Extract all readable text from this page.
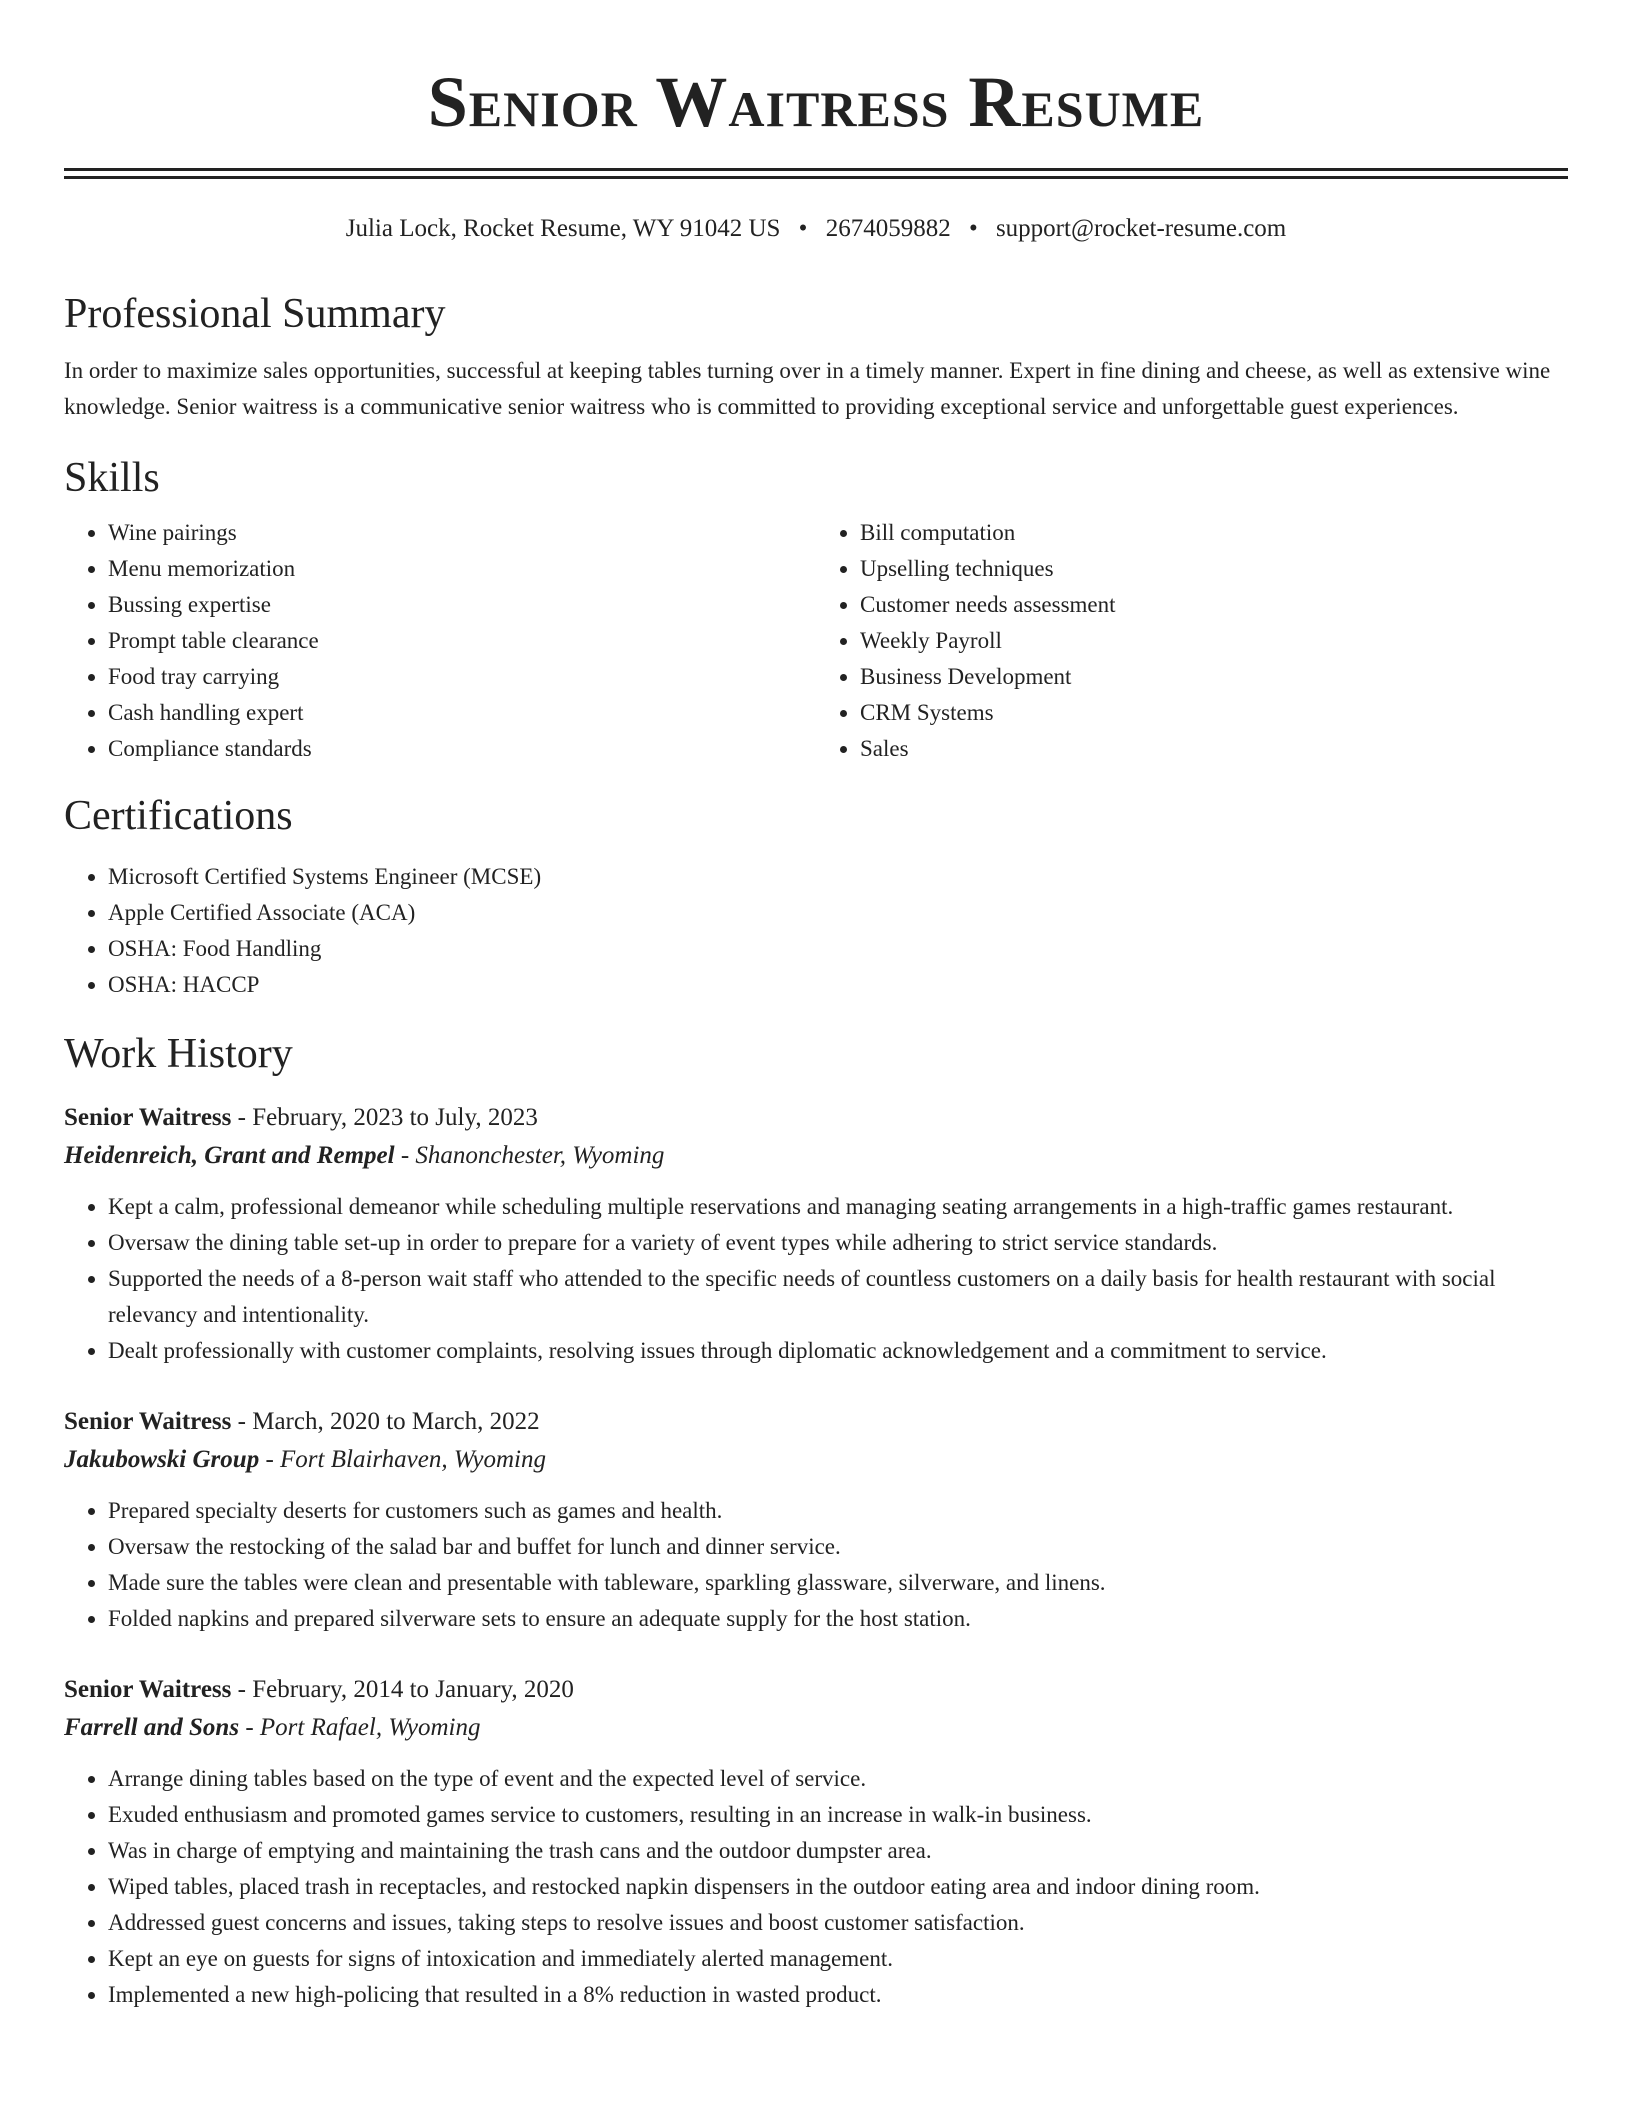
Senior Waitress Resume
Julia Lock, Rocket Resume, WY 91042 US • 2674059882 • support@rocket-resume.com
Professional Summary

In order to maximize sales opportunities, successful at keeping tables turning over in a timely manner. Expert in fine dining and cheese, as well as extensive wine knowledge. Senior waitress is a communicative senior waitress who is committed to providing exceptional service and unforgettable guest experiences.

Skills
• Wine pairings
• Menu memorization
• Bussing expertise
• Prompt table clearance
• Food tray carrying
• Cash handling expert
• Compliance standards
• Bill computation
• Upselling techniques
• Customer needs assessment
• Weekly Payroll
• Business Development
• CRM Systems
• Sales
Certifications
• Microsoft Certified Systems Engineer (MCSE)
• Apple Certified Associate (ACA)
• OSHA: Food Handling
• OSHA: HACCP
Work History
Senior Waitress - February, 2023 to July, 2023
Heidenreich, Grant and Rempel - Shanonchester, Wyoming
• Kept a calm, professional demeanor while scheduling multiple reservations and managing seating arrangements in a high-traffic games restaurant.
• Oversaw the dining table set-up in order to prepare for a variety of event types while adhering to strict service standards.
• Supported the needs of a 8-person wait staff who attended to the specific needs of countless customers on a daily basis for health restaurant with social relevancy and intentionality.
• Dealt professionally with customer complaints, resolving issues through diplomatic acknowledgement and a commitment to service.
Senior Waitress - March, 2020 to March, 2022
Jakubowski Group - Fort Blairhaven, Wyoming
• Prepared specialty deserts for customers such as games and health.
• Oversaw the restocking of the salad bar and buffet for lunch and dinner service.
• Made sure the tables were clean and presentable with tableware, sparkling glassware, silverware, and linens.
• Folded napkins and prepared silverware sets to ensure an adequate supply for the host station.
Senior Waitress - February, 2014 to January, 2020
Farrell and Sons - Port Rafael, Wyoming
• Arrange dining tables based on the type of event and the expected level of service.
• Exuded enthusiasm and promoted games service to customers, resulting in an increase in walk-in business.
• Was in charge of emptying and maintaining the trash cans and the outdoor dumpster area.
• Wiped tables, placed trash in receptacles, and restocked napkin dispensers in the outdoor eating area and indoor dining room.
• Addressed guest concerns and issues, taking steps to resolve issues and boost customer satisfaction.
• Kept an eye on guests for signs of intoxication and immediately alerted management.
• Implemented a new high-policing that resulted in a 8% reduction in wasted product.
